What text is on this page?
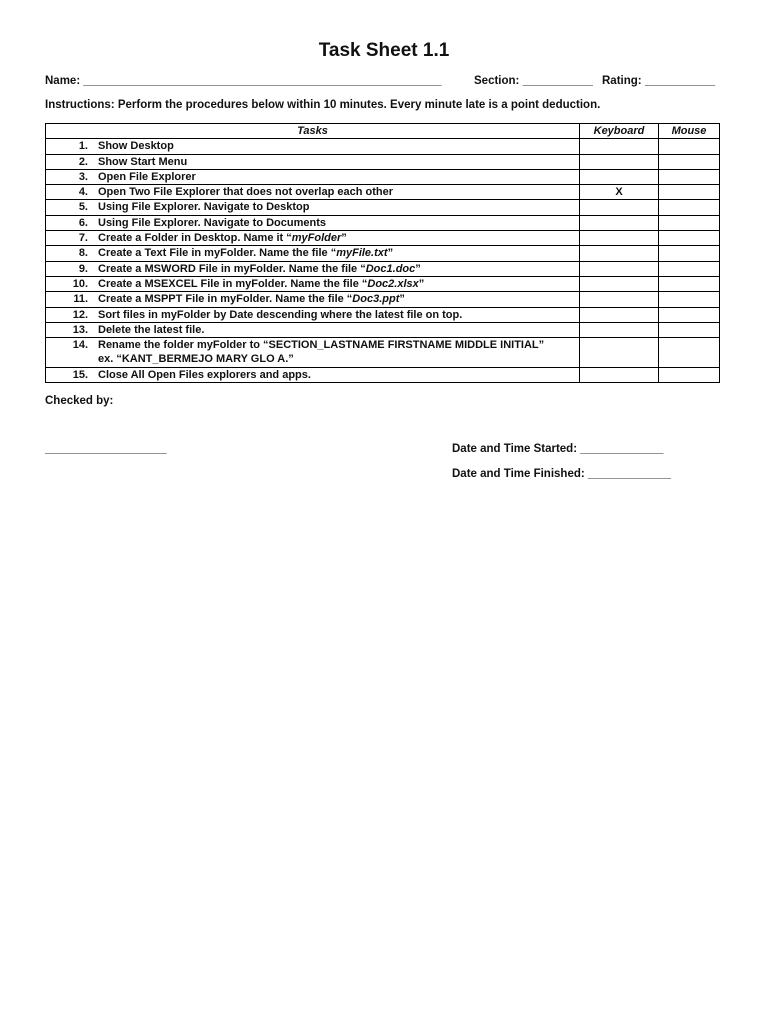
Task Sheet 1.1
Name: ________________________________________________________	Section: ___________ Rating: ___________
Instructions: Perform the procedures below within 10 minutes. Every minute late is a point deduction.
Tasks	Keyboard	Mouse

1. Show Desktop		

2. Show Start Menu		

3. Open File Explorer		

4. Open Two File Explorer that does not overlap each other	X	

5. Using File Explorer. Navigate to Desktop		

6. Using File Explorer. Navigate to Documents		

7. Create a Folder in Desktop. Name it “myFolder”		

8. Create a Text File in myFolder. Name the file “myFile.txt”		

9. Create a MSWORD File in myFolder. Name the file “Doc1.doc”		

10. Create a MSEXCEL File in myFolder. Name the file “Doc2.xlsx”		

11. Create a MSPPT File in myFolder. Name the file “Doc3.ppt”		

12. Sort files in myFolder by Date descending where the latest file on top.		

13. Delete the latest file.		

14. Rename the folder myFolder to “SECTION_LASTNAME FIRSTNAME MIDDLE INITIAL”
ex. “KANT_BERMEJO MARY GLO A.”		

15. Close All Open Files explorers and apps.		

Checked by:
___________________	Date and Time Started: _____________
Date and Time Finished: _____________
